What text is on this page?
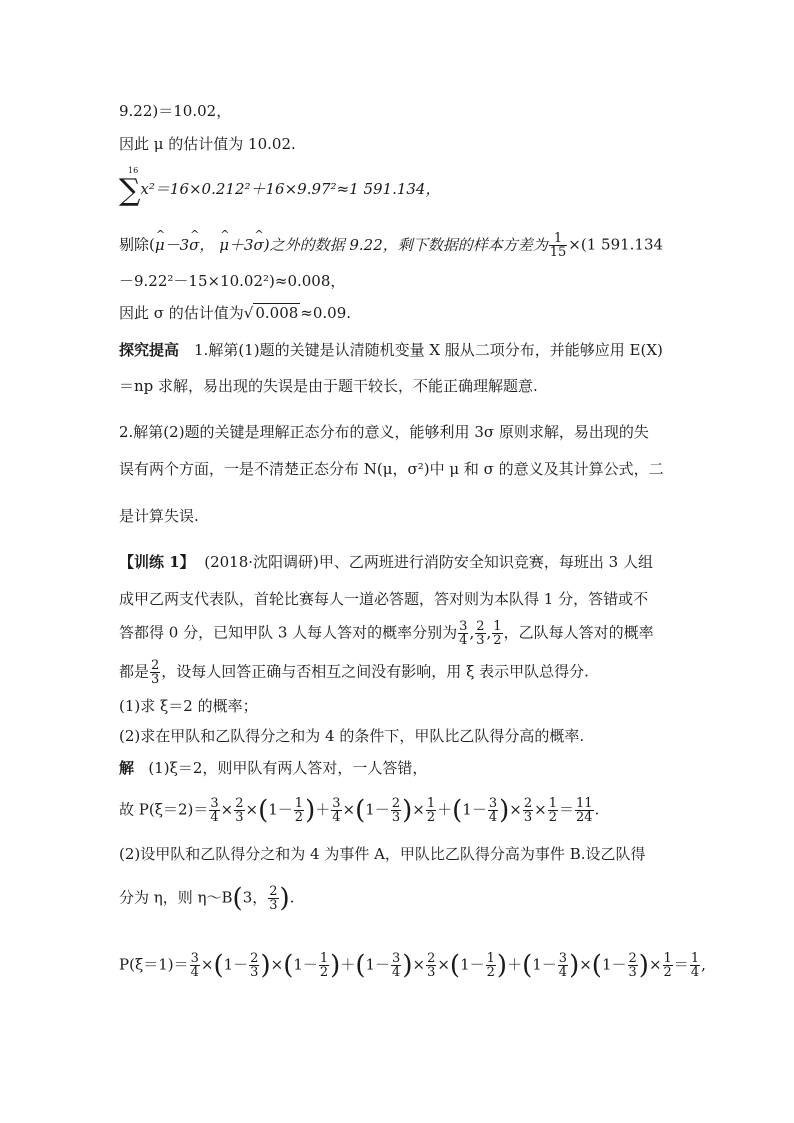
9.22)＝10.02，
因此 μ 的估计值为 10.02.
16
∑x²＝16×0.212²＋16×9.97²≈1 591.134，
剔除(^ μ－3^ σ， ^ μ＋3^ σ)之外的数据 9.22，剩下数据的样本方差为 $\frac{1}{15} \times(1$ 591.134
－9.22²－15×10.02²)≈0.008，
因此 σ 的估计值为√ 0.008 ≈0.09.
探究提高　1.解第(1)题的关键是认清随机变量 X 服从二项分布，并能够应用 E(X)
＝np 求解，易出现的失误是由于题干较长，不能正确理解题意.
2.解第(2)题的关键是理解正态分布的意义，能够利用 3σ 原则求解，易出现的失
误有两个方面，一是不清楚正态分布 N(μ，σ²)中 μ 和 σ 的意义及其计算公式，二
是计算失误.
【训练 1】 (2018·沈阳调研)甲、乙两班进行消防安全知识竞赛，每班出 3 人组
成甲乙两支代表队，首轮比赛每人一道必答题，答对则为本队得 1 分，答错或不
答都得 0 分，已知甲队 3 人每人答对的概率分别为 $\frac{3}{4}$ , $\frac{2}{3}$ , $\frac{1}{2}$ ，乙队每人答对的概率
都是 $\frac{2}{3}$ ，设每人回答正确与否相互之间没有影响，用 ξ 表示甲队总得分.
(1)求 ξ＝2 的概率；
(2)求在甲队和乙队得分之和为 4 的条件下，甲队比乙队得分高的概率.
解 (1)ξ＝2，则甲队有两人答对，一人答错，
故 $P(\xi=2)= \frac{3}{4} \times \frac{2}{3} \times(1- \frac{1}{2}$ )＋ $\frac{3}{4} \times(1- \frac{2}{3}$ )× $\frac{1}{2} +(1- \frac{3}{4}$ )× $\frac{2}{3} \times \frac{1}{2} = \frac{11}{24}$ .
(2)设甲队和乙队得分之和为 4 为事件 A，甲队比乙队得分高为事件 B.设乙队得
分为 η，则 η～B(3， $\frac{2}{3}$ ).
$P(\xi=1)= \frac{3}{4} \times(1- \frac{2}{3} )\times(1- \frac{1}{2} )+(1- \frac{3}{4}$ )× $\frac{2}{3} \times(1- \frac{1}{2} )+(1- \frac{3}{4} )\times(1- \frac{2}{3}$ )× $\frac{1}{2} = \frac{1}{4}$ ,
